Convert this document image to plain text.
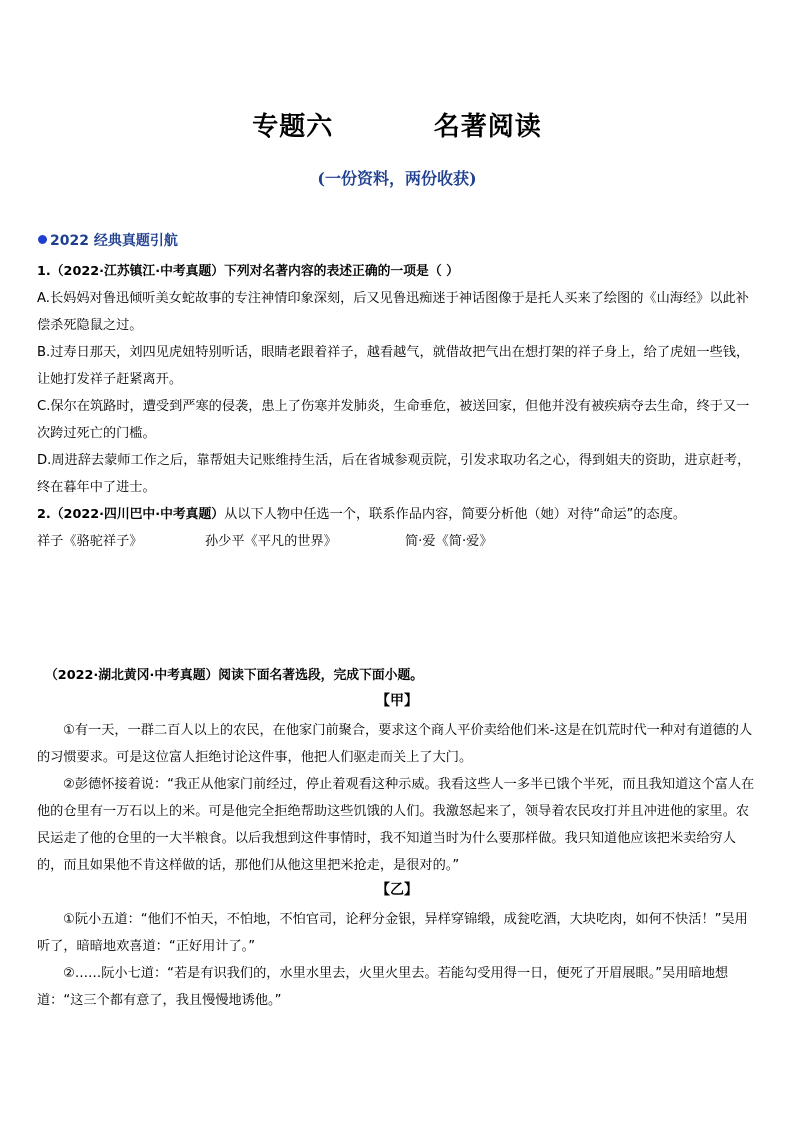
专题六          名著阅读
(一份资料，两份收获)
2022 经典真题引航
1.（2022·江苏镇江·中考真题）下列对名著内容的表述正确的一项是（ ）
A.长妈妈对鲁迅倾听美女蛇故事的专注神情印象深刻，后又见鲁迅痴迷于神话图像于是托人买来了绘图的《山海经》以此补偿杀死隐鼠之过。
B.过寿日那天，刘四见虎妞特别听话，眼睛老跟着祥子，越看越气，就借故把气出在想打架的祥子身上，给了虎妞一些钱，让她打发祥子赶紧离开。
C.保尔在筑路时，遭受到严寒的侵袭，患上了伤寒并发肺炎，生命垂危，被送回家，但他并没有被疾病夺去生命，终于又一次跨过死亡的门槛。
D.周进辞去蒙师工作之后，靠帮姐夫记账维持生活，后在省城参观贡院，引发求取功名之心，得到姐夫的资助，进京赶考，终在暮年中了进士。
2.（2022·四川巴中·中考真题）从以下人物中任选一个，联系作品内容，简要分析他（她）对待“命运”的态度。
祥子《骆驼祥子》	孙少平《平凡的世界》	简·爱《简·爱》
（2022·湖北黄冈·中考真题）阅读下面名著选段，完成下面小题。
【甲】
①有一天，一群二百人以上的农民，在他家门前聚合，要求这个商人平价卖给他们米-这是在饥荒时代一种对有道德的人的习惯要求。可是这位富人拒绝讨论这件事，他把人们驱走而关上了大门。
②彭德怀接着说：“我正从他家门前经过，停止着观看这种示威。我看这些人一多半已饿个半死，而且我知道这个富人在他的仓里有一万石以上的米。可是他完全拒绝帮助这些饥饿的人们。我激怒起来了，领导着农民攻打并且冲进他的家里。农民运走了他的仓里的一大半粮食。以后我想到这件事情时，我不知道当时为什么要那样做。我只知道他应该把米卖给穷人的，而且如果他不肯这样做的话，那他们从他这里把米抢走，是很对的。”
【乙】
①阮小五道：“他们不怕天，不怕地，不怕官司，论秤分金银，异样穿锦缎，成瓮吃酒，大块吃肉，如何不快活！”吴用听了，暗暗地欢喜道：“正好用计了。”
②……阮小七道：“若是有识我们的，水里水里去，火里火里去。若能勾受用得一日，便死了开眉展眼。”吴用暗地想道：“这三个都有意了，我且慢慢地诱他。”
